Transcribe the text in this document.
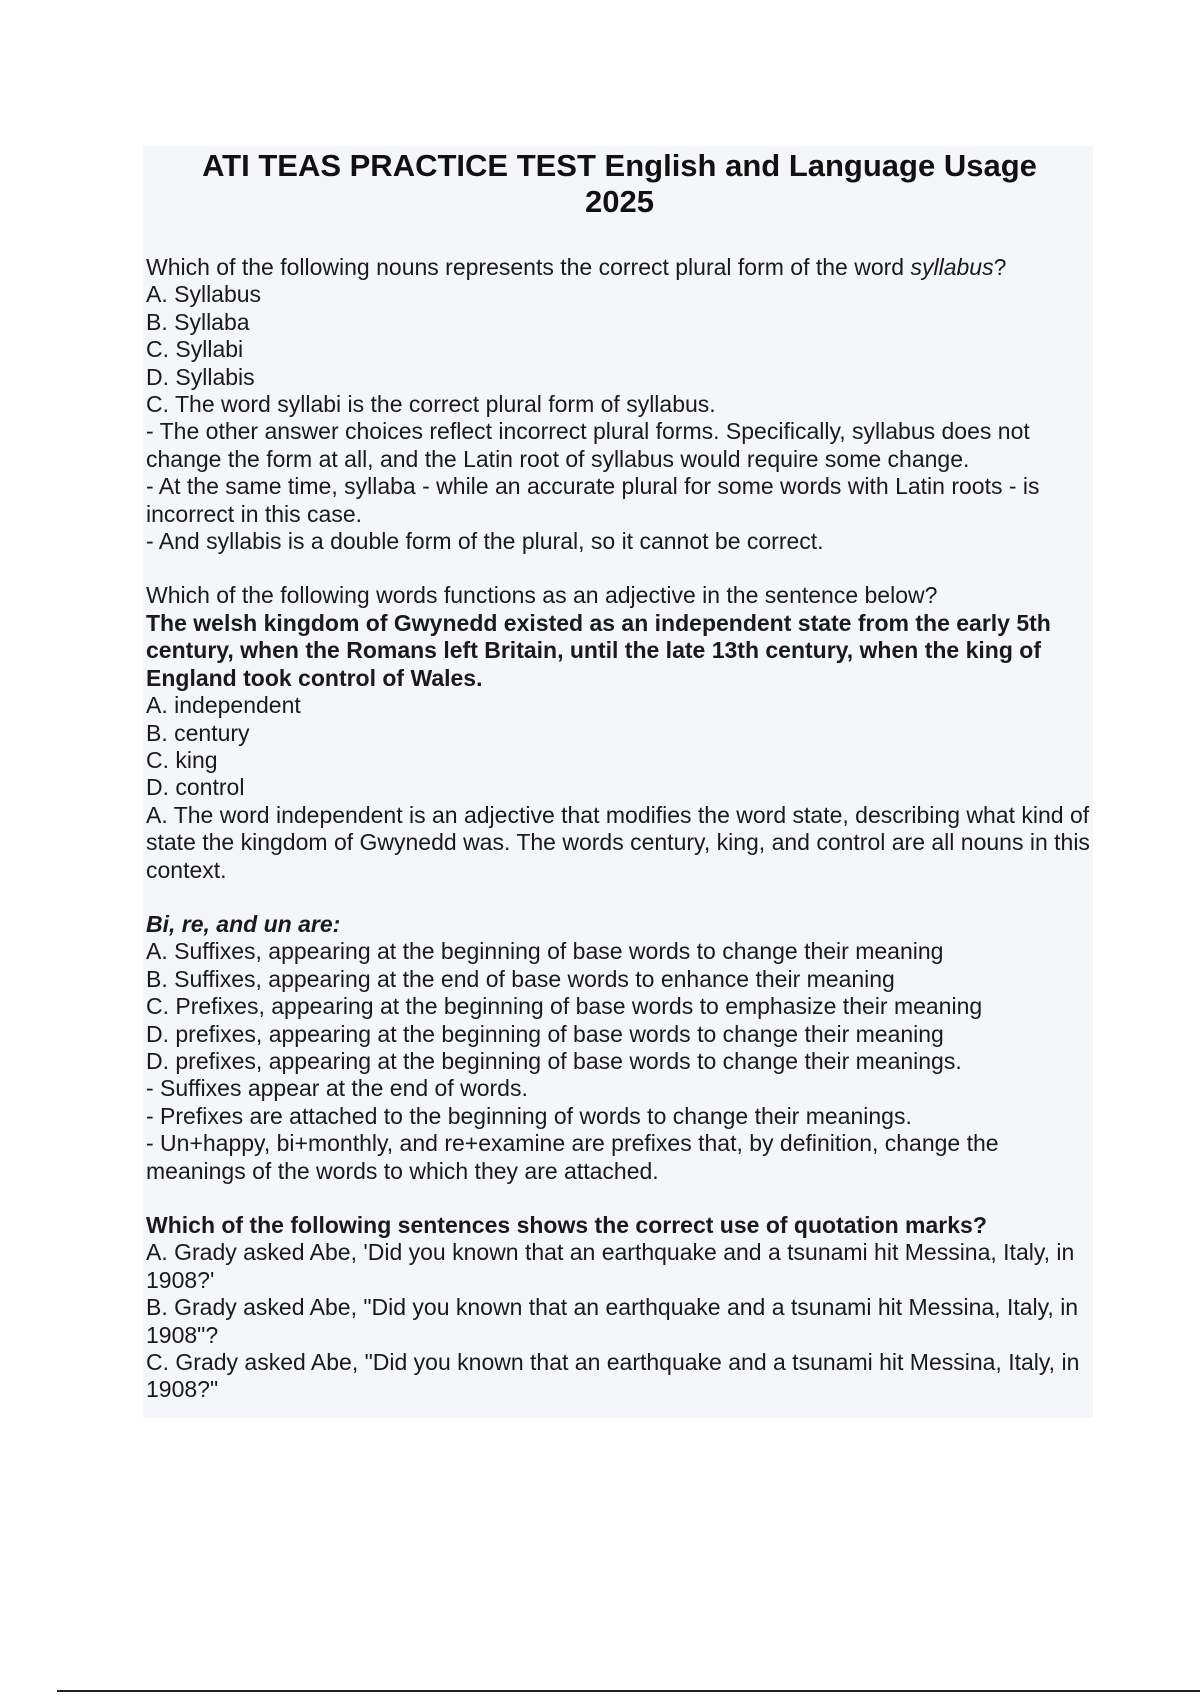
ATI TEAS PRACTICE TEST English and Language Usage
2025

Which of the following nouns represents the correct plural form of the word syllabus?

A. Syllabus

B. Syllaba

C. Syllabi

D. Syllabis

C. The word syllabi is the correct plural form of syllabus.

- The other answer choices reflect incorrect plural forms. Specifically, syllabus does not change the form at all, and the Latin root of syllabus would require some change.

- At the same time, syllaba - while an accurate plural for some words with Latin roots - is incorrect in this case.

- And syllabis is a double form of the plural, so it cannot be correct.

Which of the following words functions as an adjective in the sentence below?

The welsh kingdom of Gwynedd existed as an independent state from the early 5th century, when the Romans left Britain, until the late 13th century, when the king of England took control of Wales.

A. independent

B. century

C. king

D. control

A. The word independent is an adjective that modifies the word state, describing what kind of state the kingdom of Gwynedd was. The words century, king, and control are all nouns in this context.

Bi, re, and un are:

A. Suffixes, appearing at the beginning of base words to change their meaning

B. Suffixes, appearing at the end of base words to enhance their meaning

C. Prefixes, appearing at the beginning of base words to emphasize their meaning

D. prefixes, appearing at the beginning of base words to change their meaning

D. prefixes, appearing at the beginning of base words to change their meanings.

- Suffixes appear at the end of words.

- Prefixes are attached to the beginning of words to change their meanings.

- Un+happy, bi+monthly, and re+examine are prefixes that, by definition, change the meanings of the words to which they are attached.

Which of the following sentences shows the correct use of quotation marks?

A. Grady asked Abe, 'Did you known that an earthquake and a tsunami hit Messina, Italy, in 1908?'

B. Grady asked Abe, "Did you known that an earthquake and a tsunami hit Messina, Italy, in 1908"?

C. Grady asked Abe, "Did you known that an earthquake and a tsunami hit Messina, Italy, in 1908?"
